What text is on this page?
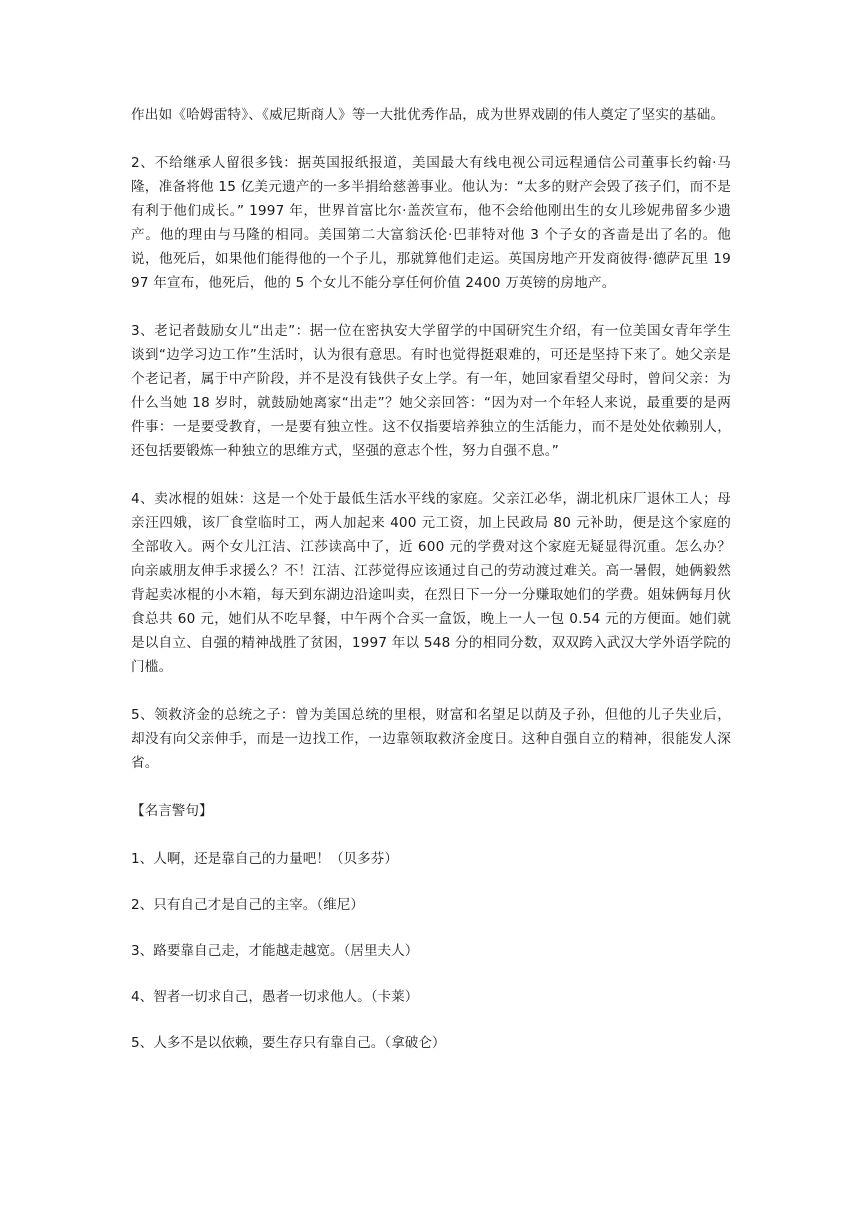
作出如《哈姆雷特》、《威尼斯商人》等一大批优秀作品，成为世界戏剧的伟人奠定了坚实的基础。

2、不给继承人留很多钱：据英国报纸报道，美国最大有线电视公司远程通信公司董事长约翰·马隆，准备将他 15 亿美元遗产的一多半捐给慈善事业。他认为：“太多的财产会毁了孩子们，而不是有利于他们成长。” 1997 年，世界首富比尔·盖茨宣布，他不会给他刚出生的女儿珍妮弗留多少遗产。他的理由与马隆的相同。美国第二大富翁沃伦·巴菲特对他 3 个子女的吝啬是出了名的。他说，他死后，如果他们能得他的一个子儿，那就算他们走运。英国房地产开发商彼得·德萨瓦里 1997 年宣布，他死后，他的 5 个女儿不能分享任何价值 2400 万英镑的房地产。

3、老记者鼓励女儿“出走”：据一位在密执安大学留学的中国研究生介绍，有一位美国女青年学生谈到“边学习边工作”生活时，认为很有意思。有时也觉得挺艰难的，可还是坚持下来了。她父亲是个老记者，属于中产阶段，并不是没有钱供子女上学。有一年，她回家看望父母时，曾问父亲：为什么当她 18 岁时，就鼓励她离家“出走”？她父亲回答：“因为对一个年轻人来说，最重要的是两件事：一是要受教育，一是要有独立性。这不仅指要培养独立的生活能力，而不是处处依赖别人，还包括要锻炼一种独立的思维方式，坚强的意志个性，努力自强不息。”

4、卖冰棍的姐妹：这是一个处于最低生活水平线的家庭。父亲江必华，湖北机床厂退休工人；母亲汪四娥，该厂食堂临时工，两人加起来 400 元工资，加上民政局 80 元补助，便是这个家庭的全部收入。两个女儿江洁、江莎读高中了，近 600 元的学费对这个家庭无疑显得沉重。怎么办？向亲戚朋友伸手求援么？不！江洁、江莎觉得应该通过自己的劳动渡过难关。高一暑假，她俩毅然背起卖冰棍的小木箱，每天到东湖边沿途叫卖，在烈日下一分一分赚取她们的学费。姐妹俩每月伙食总共 60 元，她们从不吃早餐，中午两个合买一盒饭，晚上一人一包 0.54 元的方便面。她们就是以自立、自强的精神战胜了贫困，1997 年以 548 分的相同分数，双双跨入武汉大学外语学院的门槛。

5、领救济金的总统之子：曾为美国总统的里根，财富和名望足以荫及子孙，但他的儿子失业后，却没有向父亲伸手，而是一边找工作，一边靠领取救济金度日。这种自强自立的精神，很能发人深省。

【名言警句】

1、人啊，还是靠自己的力量吧！（贝多芬）

2、只有自己才是自己的主宰。（维尼）

3、路要靠自己走，才能越走越宽。（居里夫人）

4、智者一切求自己，愚者一切求他人。（卡莱）

5、人多不是以依赖，要生存只有靠自己。（拿破仑）
